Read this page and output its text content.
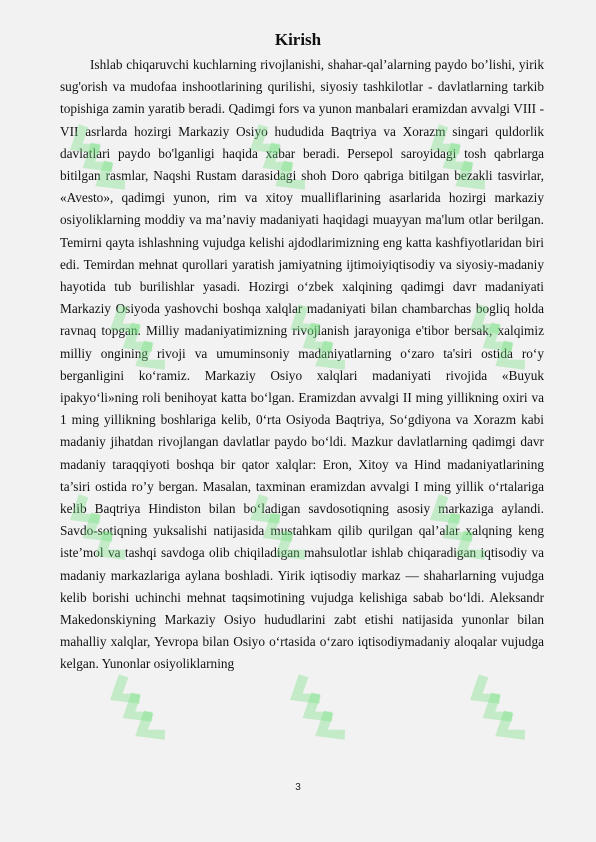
Kirish

Ishlab chiqaruvchi kuchlarning rivojlanishi, shahar-qal’alarning paydo bo’lishi, yirik sug'orish va mudofaa inshootlarining qurilishi, siyosiy tashkilotlar - davlatlarning tarkib topishiga zamin yaratib beradi. Qadimgi fors va yunon manbalari eramizdan avvalgi VIII -VII asrlarda hozirgi Markaziy Osiyo hududida Baqtriya va Xorazm singari quldorlik davlatlari paydo bo'lganligi haqida xabar beradi. Persepol saroyidagi tosh qabrlarga bitilgan rasmlar, Naqshi Rustam darasidagi shoh Doro qabriga bitilgan bezakli tasvirlar, «Avesto», qadimgi yunon, rim va xitoy mualliflarining asarlarida hozirgi markaziy osiyoliklarning moddiy va ma’naviy madaniyati haqidagi muayyan ma'lum otlar berilgan. Temirni qayta ishlashning vujudga kelishi ajdodlarimizning eng katta kashfiyotlaridan biri edi. Temirdan mehnat qurollari yaratish jamiyatning ijtimoiyiqtisodiy va siyosiy-madaniy hayotida tub burilishlar yasadi. Hozirgi o‘zbek xalqining qadimgi davr madaniyati Markaziy Osiyoda yashovchi boshqa xalqlar madaniyati bilan chambarchas bogliq holda ravnaq topgan. Milliy madaniyatimizning rivojlanish jarayoniga e'tibor bersak, xalqimiz milliy ongining rivoji va umuminsoniy madaniyatlarning o‘zaro ta'siri ostida ro‘y berganligini ko‘ramiz. Markaziy Osiyo xalqlari madaniyati rivojida «Buyuk ipakyo‘li»ning roli benihoyat katta bo‘lgan. Eramizdan avvalgi II ming yillikning oxiri va 1 ming yillikning boshlariga kelib, 0‘rta Osiyoda Baqtriya, So‘gdiyona va Xorazm kabi madaniy jihatdan rivojlangan davlatlar paydo bo‘ldi. Mazkur davlatlarning qadimgi davr madaniy taraqqiyoti boshqa bir qator xalqlar: Eron, Xitoy va Hind madaniyatlarining ta’siri ostida ro’y bergan. Masalan, taxminan eramizdan avvalgi I ming yillik o‘rtalariga kelib Baqtriya Hindiston bilan bo‘ladigan savdosotiqning asosiy markaziga aylandi. Savdo-sotiqning yuksalishi natijasida mustahkam qilib qurilgan qal’alar xalqning keng iste’mol va tashqi savdoga olib chiqiladigan mahsulotlar ishlab chiqaradigan iqtisodiy va madaniy markazlariga aylana boshladi. Yirik iqtisodiy markaz — shaharlarning vujudga kelib borishi uchinchi mehnat taqsimotining vujudga kelishiga sabab bo‘ldi. Aleksandr Makedonskiyning Markaziy Osiyo hududlarini zabt etishi natijasida yunonlar bilan mahalliy xalqlar, Yevropa bilan Osiyo o‘rtasida o‘zaro iqtisodiymadaniy aloqalar vujudga kelgan. Yunonlar osiyoliklarning

3
